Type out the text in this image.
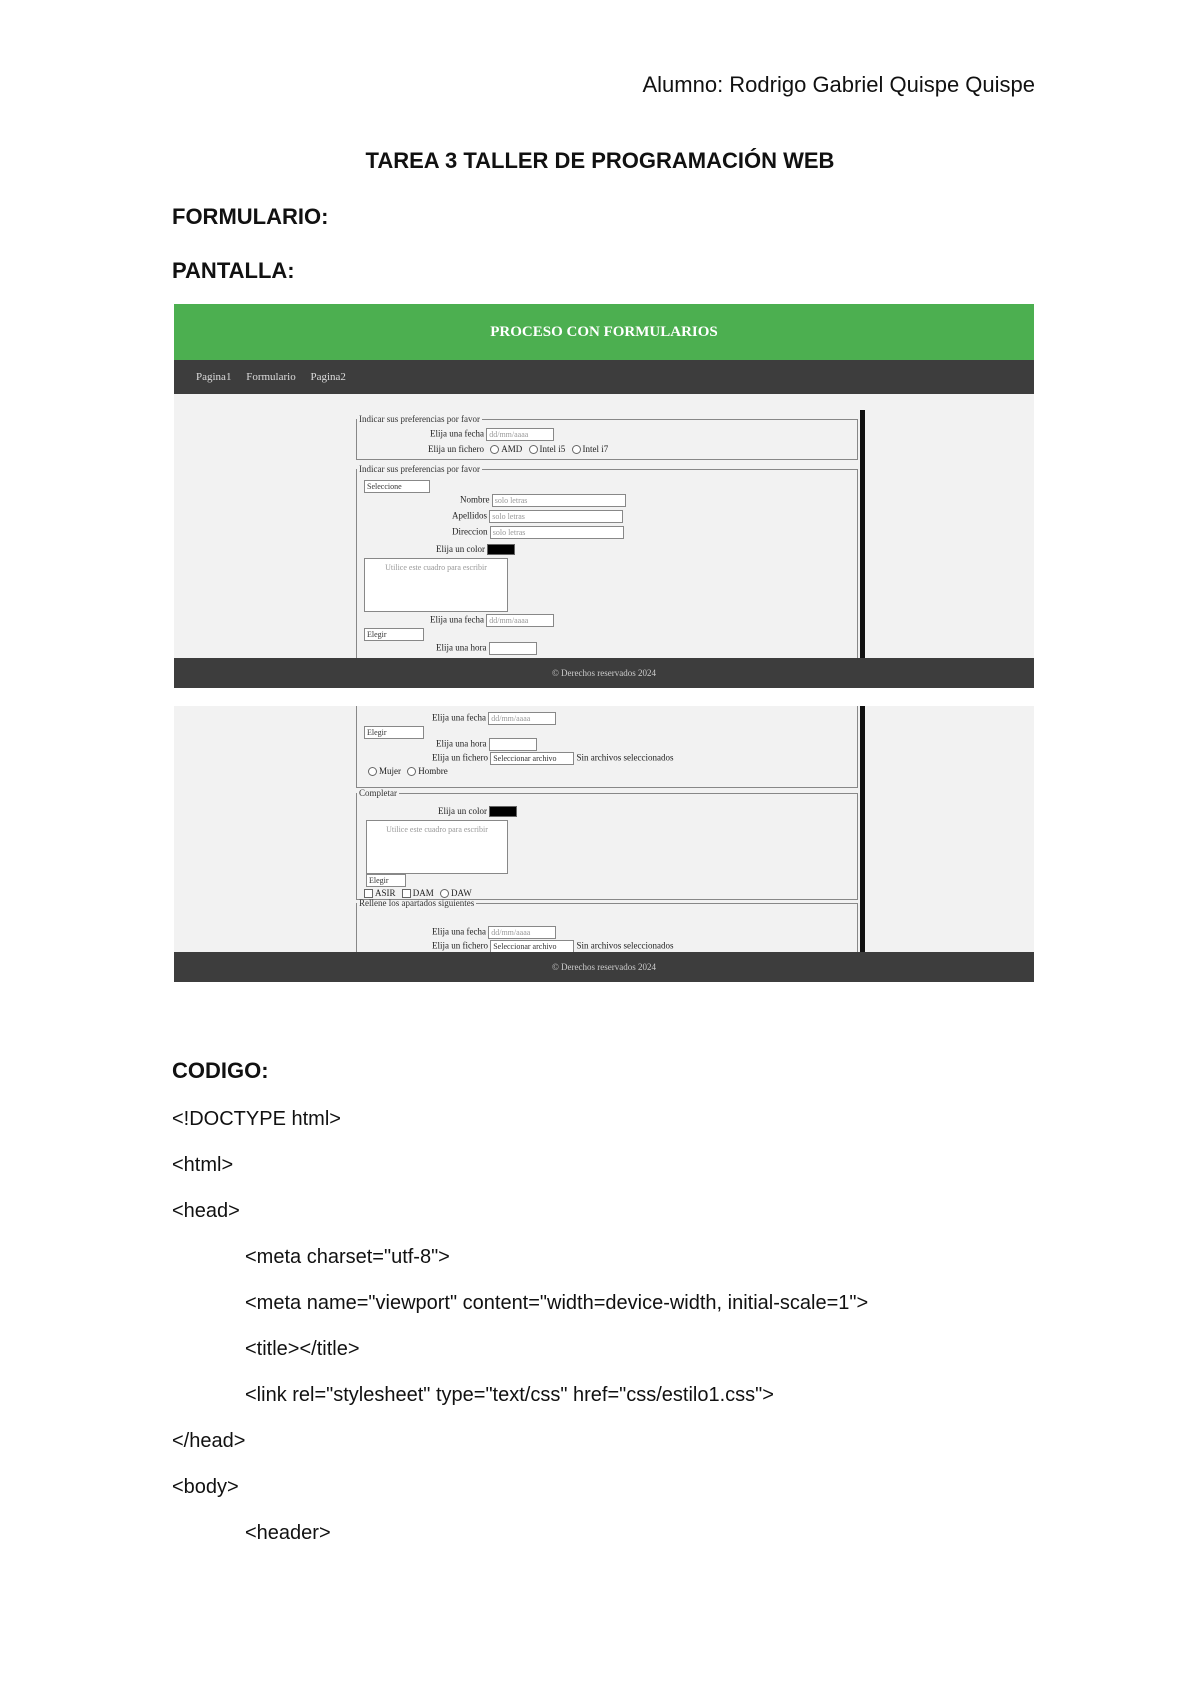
Alumno: Rodrigo Gabriel Quispe Quispe
TAREA 3 TALLER DE PROGRAMACIÓN WEB
FORMULARIO:
PANTALLA:
PROCESO CON FORMULARIOS
Pagina1 Formulario Pagina2
Indicar sus preferencias por favor
Elija una fecha dd/mm/aaaa
Elija un fichero AMD Intel i5 Intel i7
Indicar sus preferencias por favor
Seleccione
Nombre solo letras
Apellidos solo letras
Direccion solo letras
Elija un color
Utilice este cuadro para escribir
Elija una fecha dd/mm/aaaa
Elegir
Elija una hora
© Derechos reservados 2024
Elija una fecha dd/mm/aaaa
Elegir
Elija una hora
Elija un fichero Seleccionar archivo Sin archivos seleccionados
Mujer Hombre
Completar
Elija un color
Utilice este cuadro para escribir
Elegir
ASIR DAM DAW
Rellene los apartados siguientes
Elija una fecha dd/mm/aaaa
Elija un fichero Seleccionar archivo Sin archivos seleccionados
© Derechos reservados 2024
CODIGO:
<!DOCTYPE html>
<html>
<head>
<meta charset="utf-8">
<meta name="viewport" content="width=device-width, initial-scale=1">
<title></title>
<link rel="stylesheet" type="text/css" href="css/estilo1.css">
</head>
<body>
<header>
